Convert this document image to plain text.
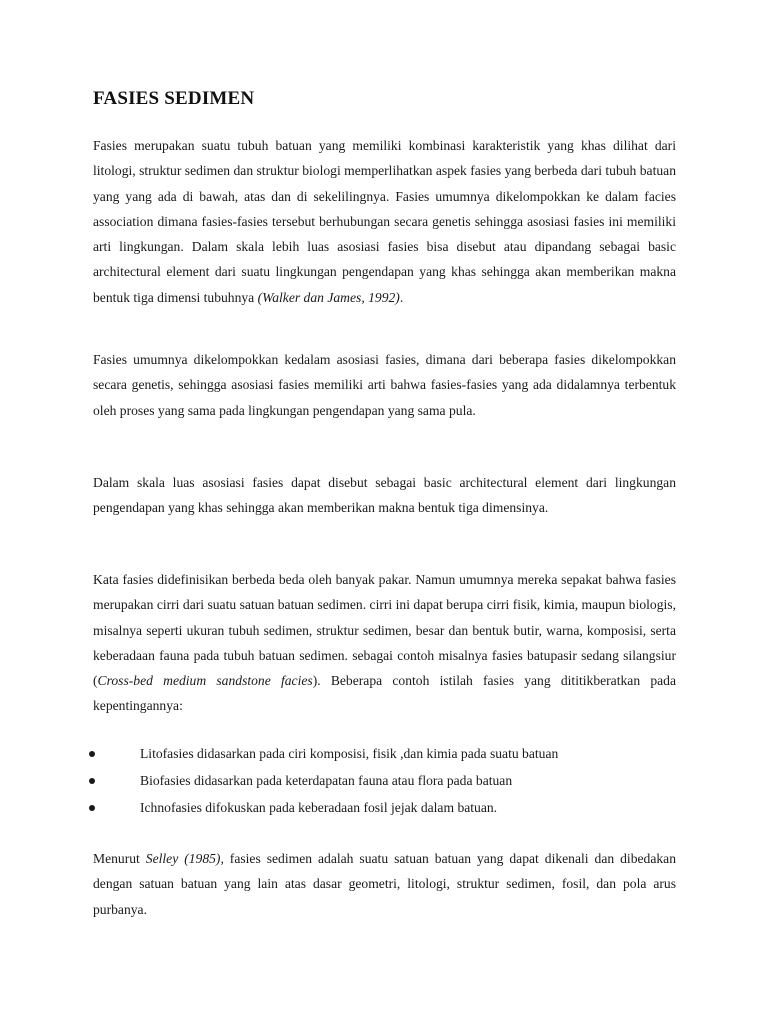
FASIES SEDIMEN

Fasies merupakan suatu tubuh batuan yang memiliki kombinasi karakteristik yang khas dilihat dari litologi, struktur sedimen dan struktur biologi memperlihatkan aspek fasies yang berbeda dari tubuh batuan yang yang ada di bawah, atas dan di sekelilingnya. Fasies umumnya dikelompokkan ke dalam facies association dimana fasies-fasies tersebut berhubungan secara genetis sehingga asosiasi fasies ini memiliki arti lingkungan. Dalam skala lebih luas asosiasi fasies bisa disebut atau dipandang sebagai basic architectural element dari suatu lingkungan pengendapan yang khas sehingga akan memberikan makna bentuk tiga dimensi tubuhnya (Walker dan James, 1992).

Fasies umumnya dikelompokkan kedalam asosiasi fasies, dimana dari beberapa fasies dikelompokkan secara genetis, sehingga asosiasi fasies memiliki arti bahwa fasies-fasies yang ada didalamnya terbentuk oleh proses yang sama pada lingkungan pengendapan yang sama pula.

Dalam skala luas asosiasi fasies dapat disebut sebagai basic architectural element dari lingkungan pengendapan yang khas sehingga akan memberikan makna bentuk tiga dimensinya.

Kata fasies didefinisikan berbeda beda oleh banyak pakar. Namun umumnya mereka sepakat bahwa fasies merupakan cirri dari suatu satuan batuan sedimen. cirri ini dapat berupa cirri fisik, kimia, maupun biologis, misalnya seperti ukuran tubuh sedimen, struktur sedimen, besar dan bentuk butir, warna, komposisi, serta keberadaan fauna pada tubuh batuan sedimen. sebagai contoh misalnya fasies batupasir sedang silangsiur (Cross-bed medium sandstone facies). Beberapa contoh istilah fasies yang dititikberatkan pada kepentingannya:

Litofasies didasarkan pada ciri komposisi, fisik ,dan kimia pada suatu batuan
Biofasies didasarkan pada keterdapatan fauna atau flora pada batuan
Ichnofasies difokuskan pada keberadaan fosil jejak dalam batuan.

Menurut Selley (1985), fasies sedimen adalah suatu satuan batuan yang dapat dikenali dan dibedakan dengan satuan batuan yang lain atas dasar geometri, litologi, struktur sedimen, fosil, dan pola arus purbanya.
